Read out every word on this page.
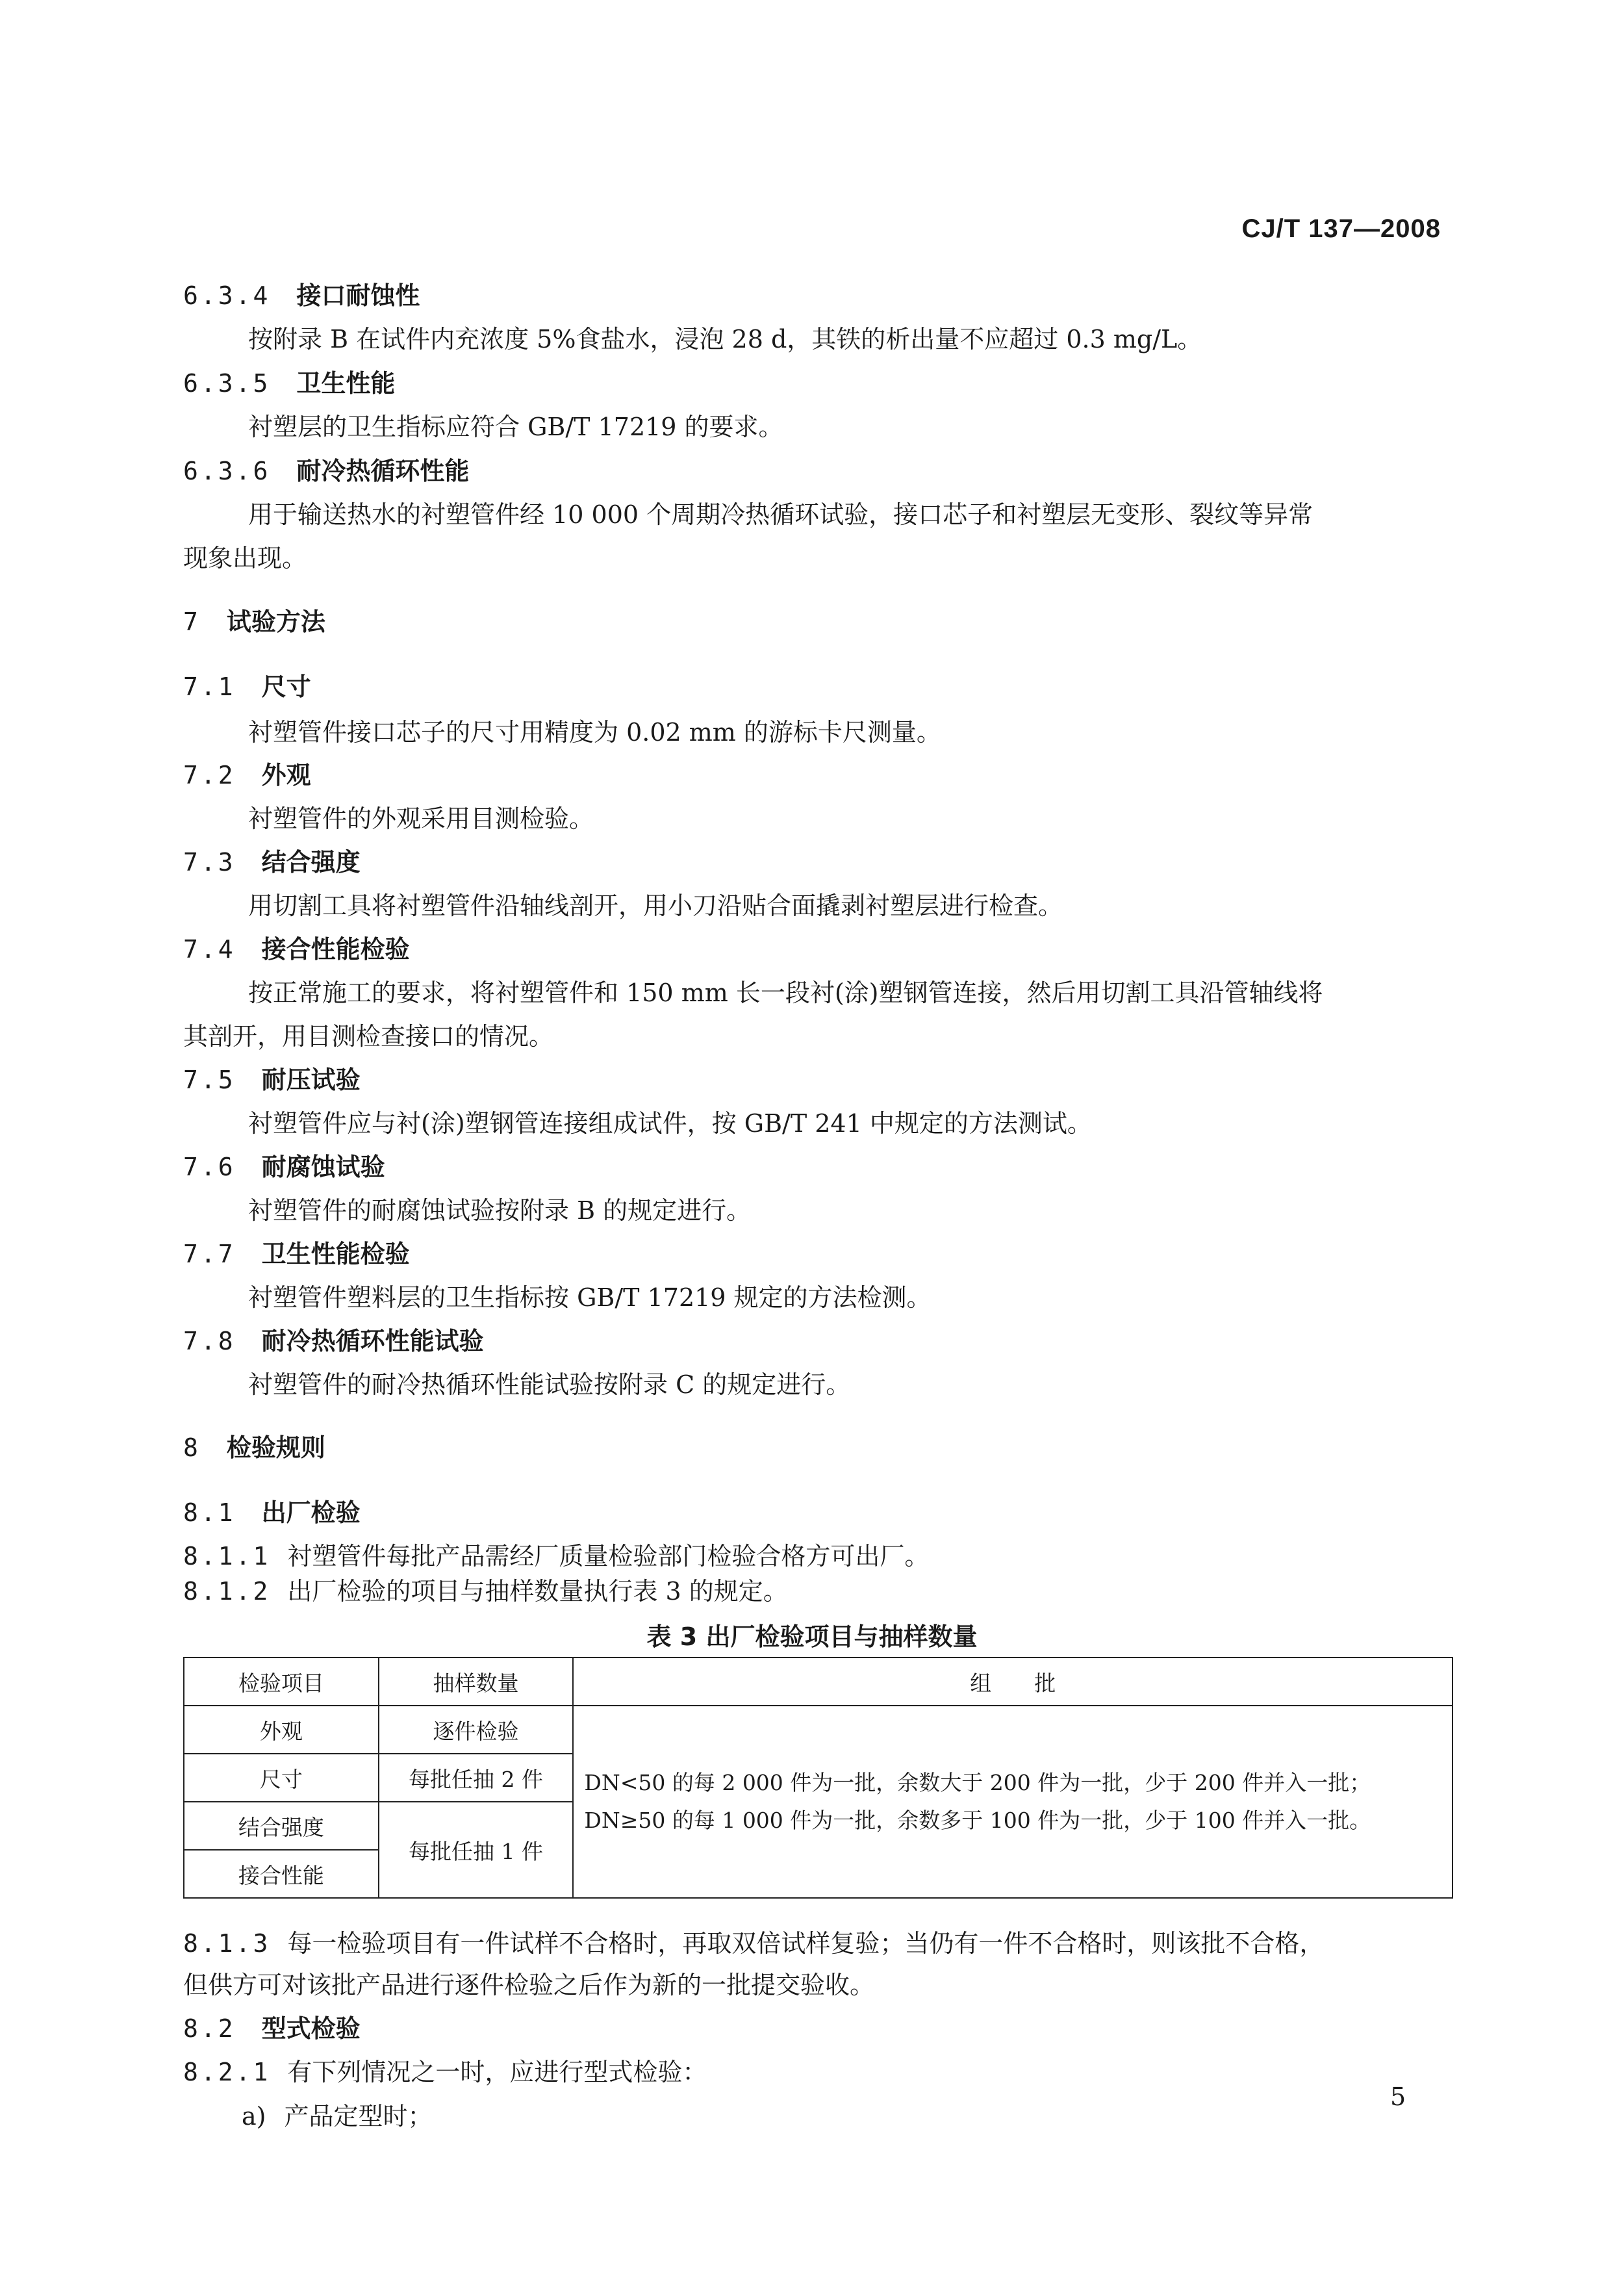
CJ/T 137—2008
6.3.4 接口耐蚀性
按附录 B 在试件内充浓度 5%食盐水，浸泡 28 d，其铁的析出量不应超过 0.3 mg/L。
6.3.5 卫生性能
衬塑层的卫生指标应符合 GB/T 17219 的要求。
6.3.6 耐冷热循环性能
用于输送热水的衬塑管件经 10 000 个周期冷热循环试验，接口芯子和衬塑层无变形、裂纹等异常
现象出现。
7 试验方法
7.1 尺寸
衬塑管件接口芯子的尺寸用精度为 0.02 mm 的游标卡尺测量。
7.2 外观
衬塑管件的外观采用目测检验。
7.3 结合强度
用切割工具将衬塑管件沿轴线剖开，用小刀沿贴合面撬剥衬塑层进行检查。
7.4 接合性能检验
按正常施工的要求，将衬塑管件和 150 mm 长一段衬(涂)塑钢管连接，然后用切割工具沿管轴线将
其剖开，用目测检查接口的情况。
7.5 耐压试验
衬塑管件应与衬(涂)塑钢管连接组成试件，按 GB/T 241 中规定的方法测试。
7.6 耐腐蚀试验
衬塑管件的耐腐蚀试验按附录 B 的规定进行。
7.7 卫生性能检验
衬塑管件塑料层的卫生指标按 GB/T 17219 规定的方法检测。
7.8 耐冷热循环性能试验
衬塑管件的耐冷热循环性能试验按附录 C 的规定进行。
8 检验规则
8.1 出厂检验
8.1.1 衬塑管件每批产品需经厂质量检验部门检验合格方可出厂。
8.1.2 出厂检验的项目与抽样数量执行表 3 的规定。
表 3 出厂检验项目与抽样数量
检验项目	抽样数量	组　　批
外观	逐件检验	DN<50 的每 2 000 件为一批，余数大于 200 件为一批，少于 200 件并入一批；
DN≥50 的每 1 000 件为一批，余数多于 100 件为一批，少于 100 件并入一批。

尺寸	每批任抽 2 件	
结合强度	每批任抽 1 件	
接合性能		
8.1.3 每一检验项目有一件试样不合格时，再取双倍试样复验；当仍有一件不合格时，则该批不合格，
但供方可对该批产品进行逐件检验之后作为新的一批提交验收。
8.2 型式检验
8.2.1 有下列情况之一时，应进行型式检验：
a) 产品定型时；
5
